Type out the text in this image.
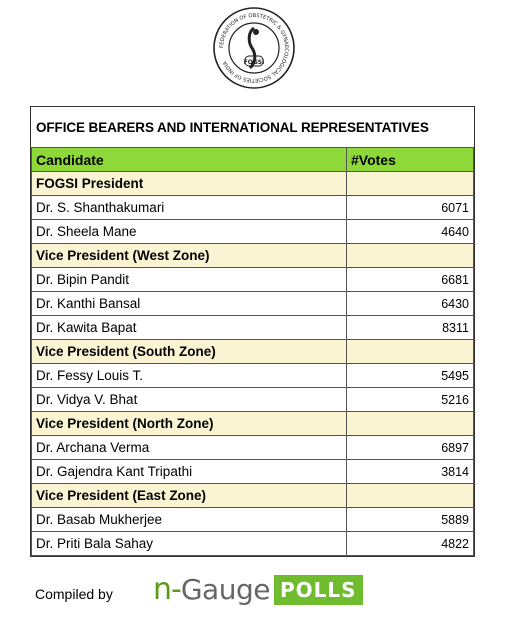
FEDERATION OF OBSTETRIC & GYNAECOLOGICAL SOCIETIES OF INDIA	FOGSI
OFFICE BEARERS AND INTERNATIONAL REPRESENTATIVES
Candidate	#Votes
FOGSI President	
Dr. S. Shanthakumari	6071
Dr. Sheela Mane	4640
Vice President (West Zone)	
Dr. Bipin Pandit	6681
Dr. Kanthi Bansal	6430
Dr. Kawita Bapat	8311
Vice President (South Zone)	
Dr. Fessy Louis T.	5495
Dr. Vidya V. Bhat	5216
Vice President (North Zone)	
Dr. Archana Verma	6897
Dr. Gajendra Kant Tripathi	3814
Vice President (East Zone)	
Dr. Basab Mukherjee	5889
Dr. Priti Bala Sahay	4822
Compiled by n- Gauge POLLS
